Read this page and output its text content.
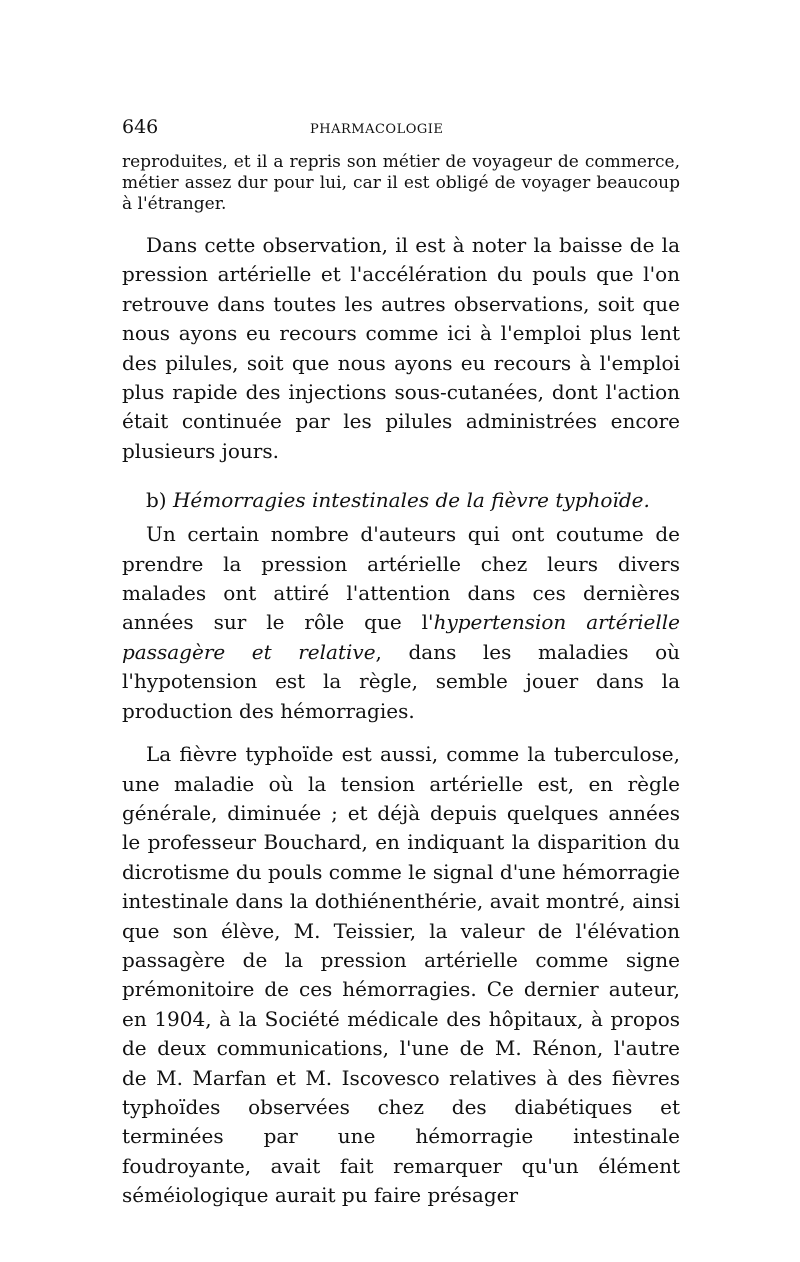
646	PHARMACOLOGIE

reproduites, et il a repris son métier de voyageur de commerce, métier assez dur pour lui, car il est obligé de voyager beaucoup à l'étranger.

Dans cette observation, il est à noter la baisse de la pression artérielle et l'accélération du pouls que l'on retrouve dans toutes les autres observations, soit que nous ayons eu recours comme ici à l'emploi plus lent des pilules, soit que nous ayons eu recours à l'emploi plus rapide des injections sous-cutanées, dont l'action était continuée par les pilules administrées encore plusieurs jours.

b) Hémorragies intestinales de la fièvre typhoïde.

Un certain nombre d'auteurs qui ont coutume de prendre la pression artérielle chez leurs divers malades ont attiré l'attention dans ces dernières années sur le rôle que l'hypertension artérielle passagère et relative, dans les maladies où l'hypotension est la règle, semble jouer dans la production des hémorragies.

La fièvre typhoïde est aussi, comme la tuberculose, une maladie où la tension artérielle est, en règle générale, diminuée ; et déjà depuis quelques années le professeur Bouchard, en indiquant la disparition du dicrotisme du pouls comme le signal d'une hémorragie intestinale dans la dothiénenthérie, avait montré, ainsi que son élève, M. Teissier, la valeur de l'élévation passagère de la pression artérielle comme signe prémonitoire de ces hémorragies. Ce dernier auteur, en 1904, à la Société médicale des hôpitaux, à propos de deux communications, l'une de M. Rénon, l'autre de M. Marfan et M. Iscovesco relatives à des fièvres typhoïdes observées chez des diabétiques et terminées par une hémorragie intestinale foudroyante, avait fait remarquer qu'un élément séméiologique aurait pu faire présager
